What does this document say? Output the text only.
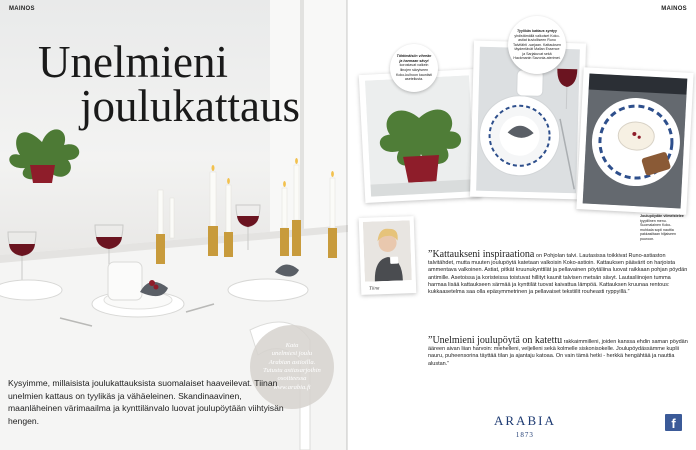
MAINOS
Unelmieni
joulukattaus
Kata
unelmiesi joulu
Arabian astioilla.
Tutustu astiasarjoihin
osoitteessa
www.arabia.fi

Kysyimme, millaisista joulukattauksista suomalaiset haaveilevat. Tiinan unelmien kattaus on tyylikäs ja vähäeleinen. Skandinaavinen, maanläheinen värimaailma ja kynttilänvalo luovat joulupöytään viihtyisän hengen.

MAINOS
Tähtimäisiin vihreän ja harmaan sävyt korostavat valkein liinojen sävyiseen Koko-kulhoon kauniisti asetellusta.
Tyylikäs kattaus syntyy yhdistämällä valkoiset Koko-astiat kuviolliseen Runo Talvitähti -sarjaan. Kattauksen täydentävät Mallan Essence ja Sarjakuvat sekä Hackmanin Savonia-aterimet.
Joulupöydän viimeistelee tyypillinen menu. Suomalainen Koko-muhkala sopii nauttia pakkasiltaan hiljaiseen puuroon.
Tiina

”Kattaukseni inspiraationa on Pohjolan talvi. Lautasissa toikkivat Runo-astiaston talvitähdet, mutta muuten joulupöytä katetaan valkoisin Koko-astioin. Kattauksen päävärit on harjoista ammentava valkoinen. Astiat, pitkät kruunukynttilät ja pellavainen pöytäliina luovat raikkaan pohjan pöydän antimille. Asetoissa ja koristeissa toistuvat hillityt kaunit talvisen metsän sävyt. Lautasliinojen tumma harmaa lisää kattaukseen särmää ja kynttilät tuovat kaivattua lämpöä. Kattauksen kruunaa rentous: kukkaasetelma saa olla epäsymmetrinen ja pellavaiset tekstiilit rouheasti ryppyillä.”

”Unelmieni joulupöytä on katettu rakkaimmilleni, joiden kanssa ehdin saman pöydän ääreen aivan liian harvoin: miehelleni, veljelleni sekä kolmelle siskonisokelle. Joulupöydässämme kuplii nauru, puheensorina täyttää tilan ja ajantaju katoaa. On vain tämä hetki - herkkä hengähtää ja nauttia alustan.”

ARABIA
1873
f
